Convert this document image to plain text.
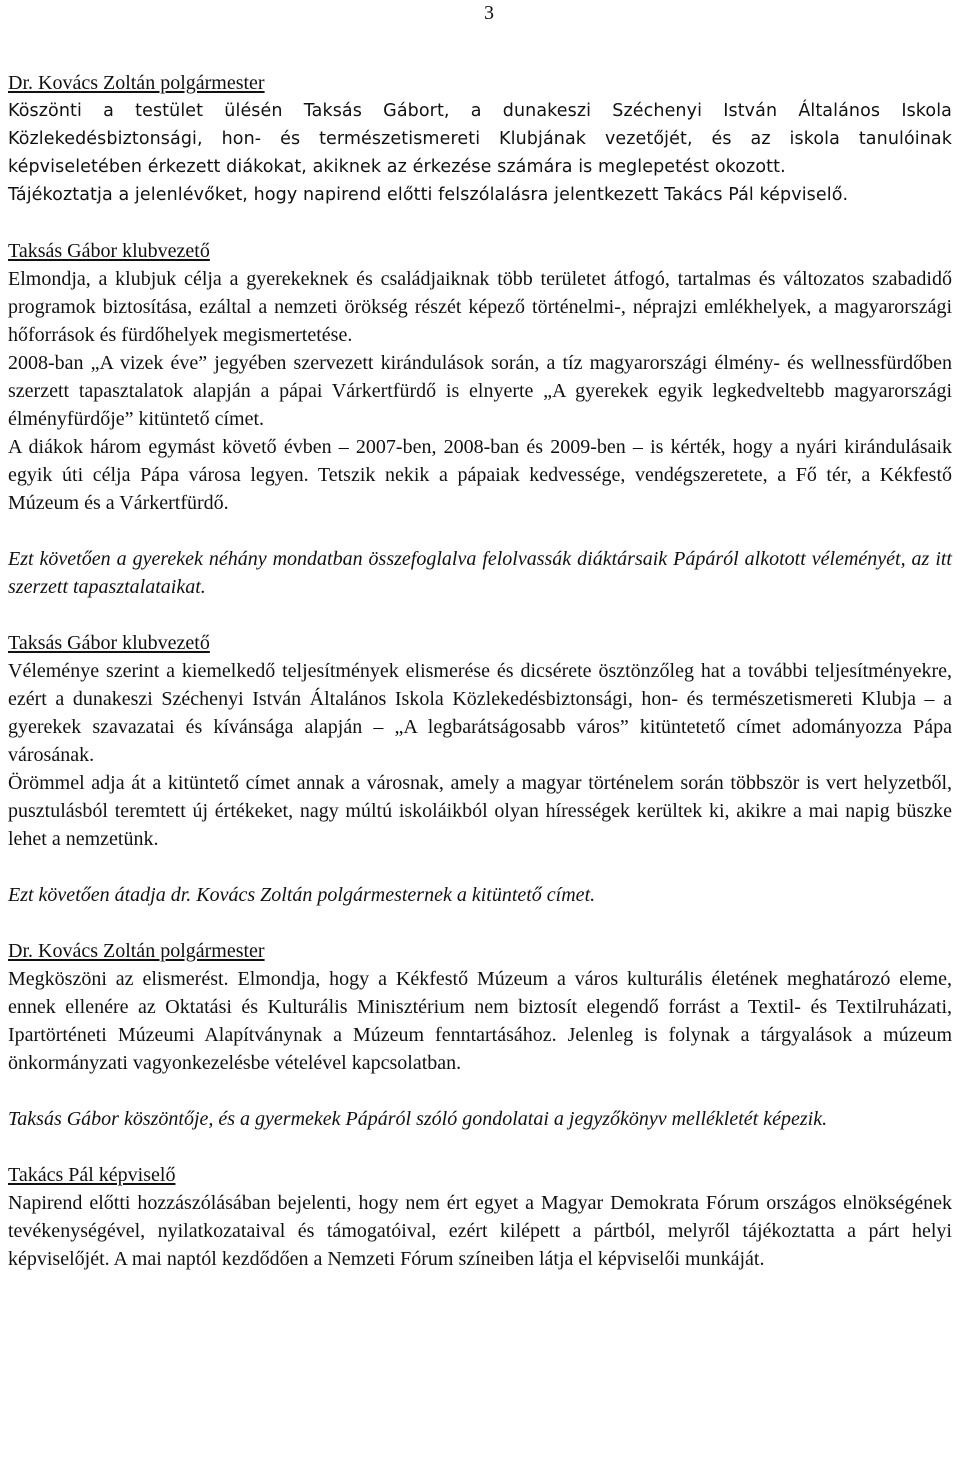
3
Dr. Kovács Zoltán polgármester

Köszönti a testület ülésén Taksás Gábort, a dunakeszi Széchenyi István Általános Iskola Közlekedésbiztonsági, hon- és természetismereti Klubjának vezetőjét, és az iskola tanulóinak képviseletében érkezett diákokat, akiknek az érkezése számára is meglepetést okozott.

Tájékoztatja a jelenlévőket, hogy napirend előtti felszólalásra jelentkezett Takács Pál képviselő.

Taksás Gábor klubvezető

Elmondja, a klubjuk célja a gyerekeknek és családjaiknak több területet átfogó, tartalmas és változatos szabadidő programok biztosítása, ezáltal a nemzeti örökség részét képező történelmi-, néprajzi emlékhelyek, a magyarországi hőforrások és fürdőhelyek megismertetése.

2008-ban „A vizek éve” jegyében szervezett kirándulások során, a tíz magyarországi élmény- és wellnessfürdőben szerzett tapasztalatok alapján a pápai Várkertfürdő is elnyerte „A gyerekek egyik legkedveltebb magyarországi élményfürdője” kitüntető címet.

A diákok három egymást követő évben – 2007-ben, 2008-ban és 2009-ben – is kérték, hogy a nyári kirándulásaik egyik úti célja Pápa városa legyen. Tetszik nekik a pápaiak kedvessége, vendégszeretete, a Fő tér, a Kékfestő Múzeum és a Várkertfürdő.

Ezt követően a gyerekek néhány mondatban összefoglalva felolvassák diáktársaik Pápáról alkotott véleményét, az itt szerzett tapasztalataikat.

Taksás Gábor klubvezető

Véleménye szerint a kiemelkedő teljesítmények elismerése és dicsérete ösztönzőleg hat a további teljesítményekre, ezért a dunakeszi Széchenyi István Általános Iskola Közlekedésbiztonsági, hon- és természetismereti Klubja – a gyerekek szavazatai és kívánsága alapján – „A legbarátságosabb város” kitüntetető címet adományozza Pápa városának.

Örömmel adja át a kitüntető címet annak a városnak, amely a magyar történelem során többször is vert helyzetből, pusztulásból teremtett új értékeket, nagy múltú iskoláikból olyan hírességek kerültek ki, akikre a mai napig büszke lehet a nemzetünk.

Ezt követően átadja dr. Kovács Zoltán polgármesternek a kitüntető címet.

Dr. Kovács Zoltán polgármester

Megköszöni az elismerést. Elmondja, hogy a Kékfestő Múzeum a város kulturális életének meghatározó eleme, ennek ellenére az Oktatási és Kulturális Minisztérium nem biztosít elegendő forrást a Textil- és Textilruházati, Ipartörténeti Múzeumi Alapítványnak a Múzeum fenntartásához. Jelenleg is folynak a tárgyalások a múzeum önkormányzati vagyonkezelésbe vételével kapcsolatban.

Taksás Gábor köszöntője, és a gyermekek Pápáról szóló gondolatai a jegyzőkönyv mellékletét képezik.

Takács Pál képviselő

Napirend előtti hozzászólásában bejelenti, hogy nem ért egyet a Magyar Demokrata Fórum országos elnökségének tevékenységével, nyilatkozataival és támogatóival, ezért kilépett a pártból, melyről tájékoztatta a párt helyi képviselőjét. A mai naptól kezdődően a Nemzeti Fórum színeiben látja el képviselői munkáját.
